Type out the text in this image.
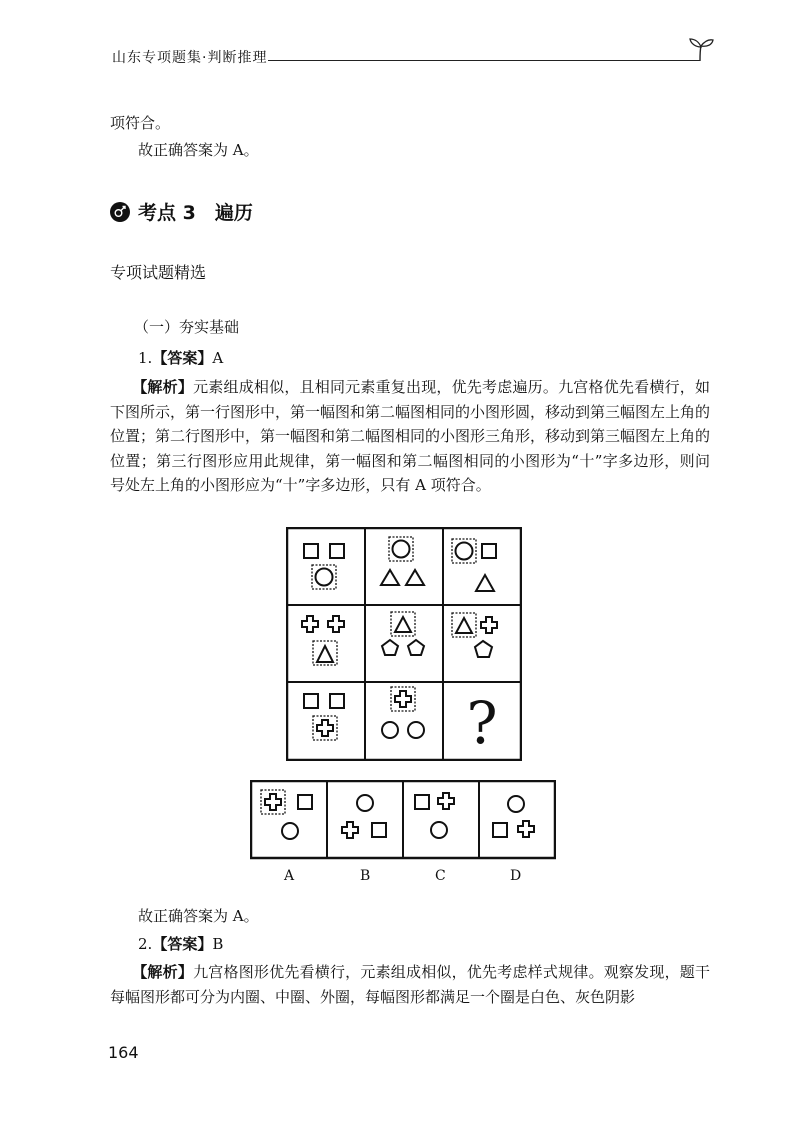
山东专项题集·判断推理
项符合。
故正确答案为 A。
考点 3　遍历
专项试题精选
（一）夯实基础
1.【答案】A
【解析】元素组成相似，且相同元素重复出现，优先考虑遍历。九宫格优先看横行，如下图所示，第一行图形中，第一幅图和第二幅图相同的小图形圆，移动到第三幅图左上角的位置；第二行图形中，第一幅图和第二幅图相同的小图形三角形，移动到第三幅图左上角的位置；第三行图形应用此规律，第一幅图和第二幅图相同的小图形为“十”字多边形，则问号处左上角的小图形应为“十”字多边形，只有 A 项符合。
?
A	B	C	D
故正确答案为 A。
2.【答案】B
【解析】九宫格图形优先看横行，元素组成相似，优先考虑样式规律。观察发现，题干每幅图形都可分为内圈、中圈、外圈，每幅图形都满足一个圈是白色、灰色阴影
164
